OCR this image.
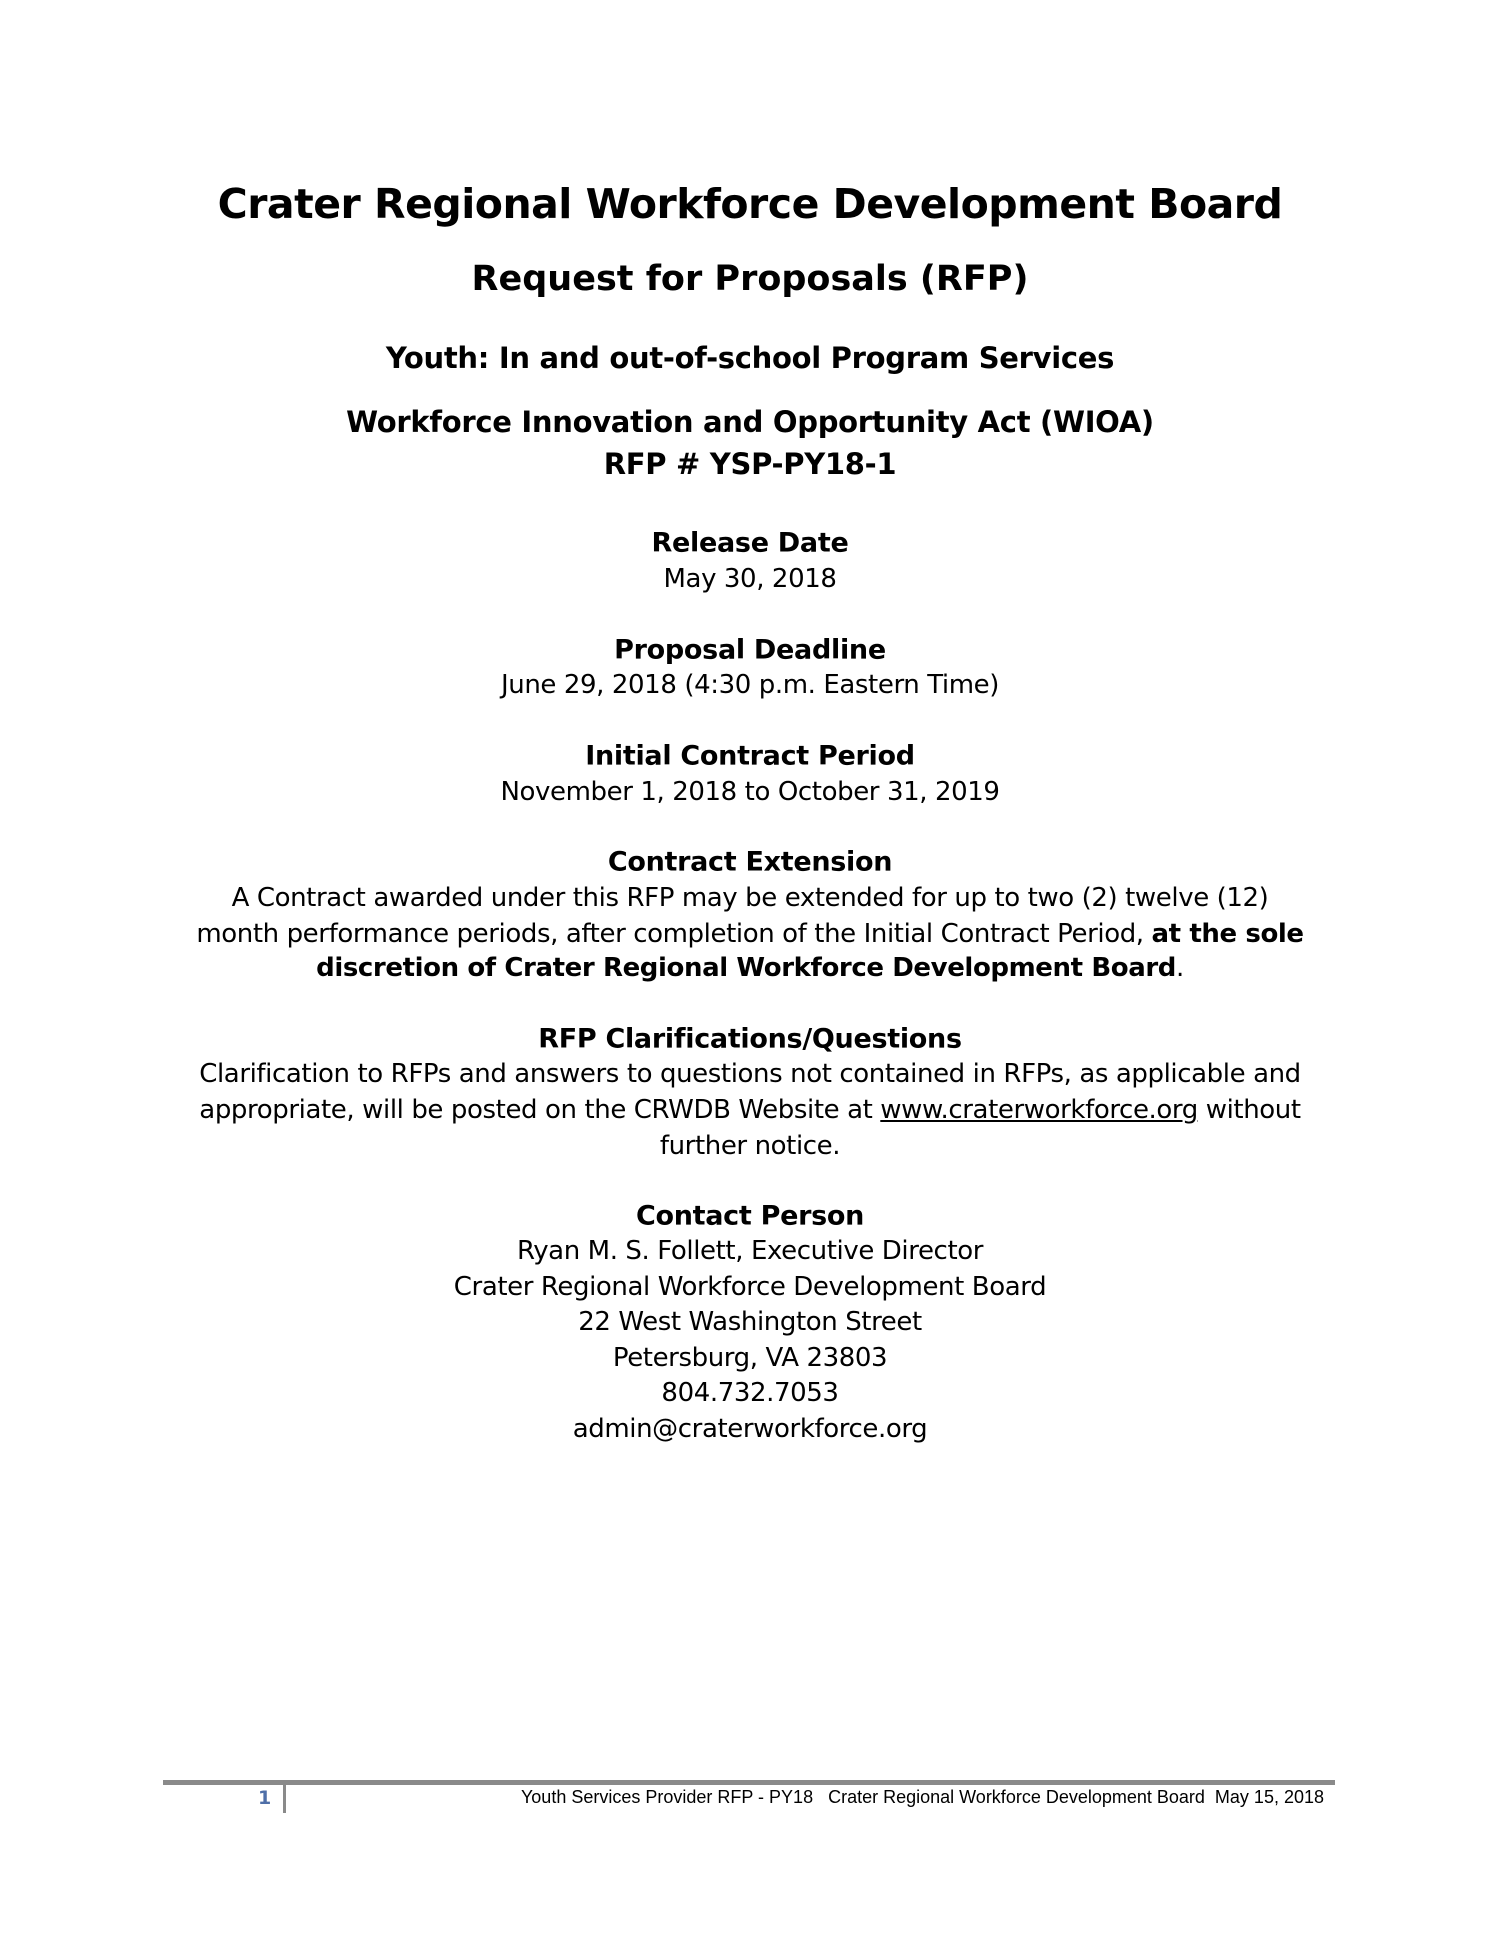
Crater Regional Workforce Development Board
Request for Proposals (RFP)
Youth: In and out-of-school Program Services
Workforce Innovation and Opportunity Act (WIOA)
RFP # YSP-PY18-1
Release Date
May 30, 2018
Proposal Deadline
June 29, 2018 (4:30 p.m. Eastern Time)
Initial Contract Period
November 1, 2018 to October 31, 2019
Contract Extension
A Contract awarded under this RFP may be extended for up to two (2) twelve (12)
month performance periods, after completion of the Initial Contract Period, at the sole
discretion of Crater Regional Workforce Development Board.
RFP Clarifications/Questions
Clarification to RFPs and answers to questions not contained in RFPs, as applicable and
appropriate, will be posted on the CRWDB Website at www.craterworkforce.org without
further notice.
Contact Person
Ryan M. S. Follett, Executive Director
Crater Regional Workforce Development Board
22 West Washington Street
Petersburg, VA 23803
804.732.7053
admin@craterworkforce.org
1	Youth Services Provider RFP - PY18   Crater Regional Workforce Development Board  May 15, 2018
